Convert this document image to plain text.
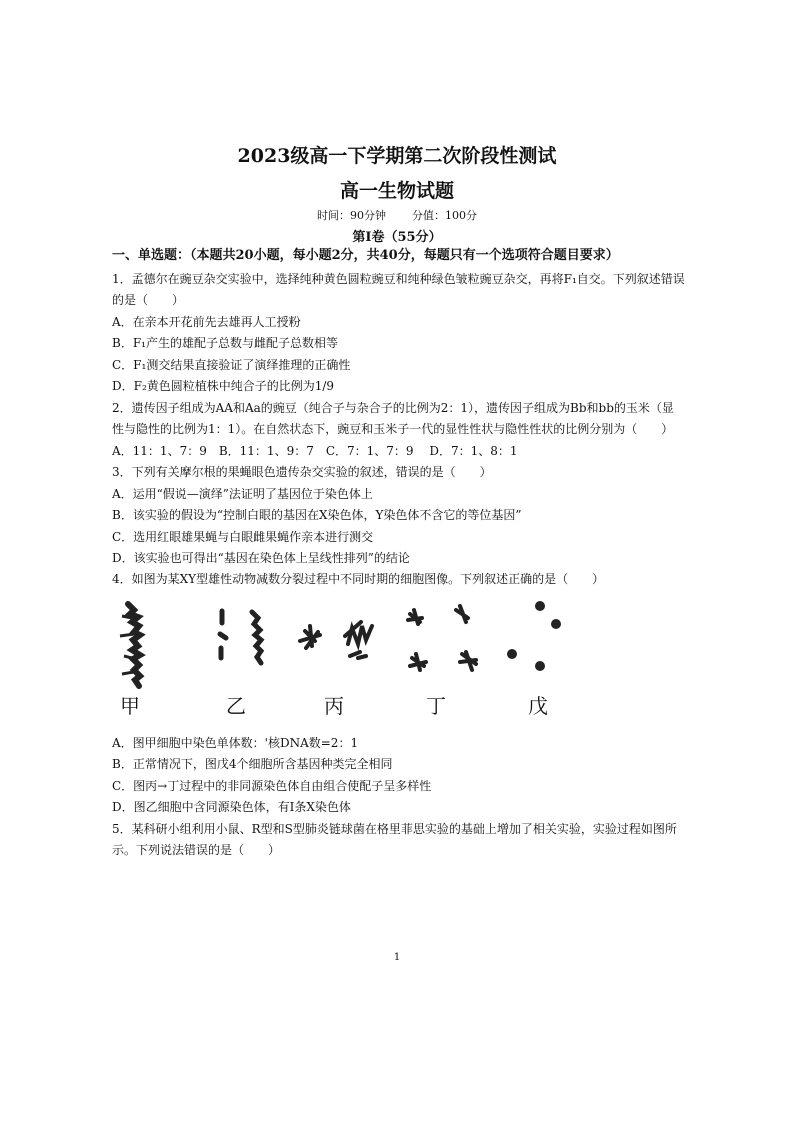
2023级高一下学期第二次阶段性测试
高一生物试题
时间：90分钟 分值：100分
第Ⅰ卷（55分）
一、单选题：（本题共20小题，每小题2分，共40分，每题只有一个选项符合题目要求）
1．孟德尔在豌豆杂交实验中，选择纯种黄色圆粒豌豆和纯种绿色皱粒豌豆杂交，再将F₁自交。下列叙述错误
的是（　　）
A．在亲本开花前先去雄再人工授粉
B．F₁产生的雄配子总数与雌配子总数相等
C．F₁测交结果直接验证了演绎推理的正确性
D．F₂黄色圆粒植株中纯合子的比例为1/9
2．遗传因子组成为AA和Aa的豌豆（纯合子与杂合子的比例为2：1），遗传因子组成为Bb和bb的玉米（显
性与隐性的比例为1：1）。在自然状态下，豌豆和玉米子一代的显性性状与隐性性状的比例分别为（　　）
A．11：1、7：9　B．11：1、9：7　C．7：1、7：9　 D．7：1、8：1
3．下列有关摩尔根的果蝇眼色遗传杂交实验的叙述，错误的是（　　）
A．运用“假说—演绎”法证明了基因位于染色体上
B．该实验的假设为“控制白眼的基因在X染色体，Y染色体不含它的等位基因”
C．选用红眼雄果蝇与白眼雌果蝇作亲本进行测交
D．该实验也可得出“基因在染色体上呈线性排列”的结论
4．如图为某XY型雄性动物减数分裂过程中不同时期的细胞图像。下列叙述正确的是（　　）
甲	乙	丙	丁	戊
A．图甲细胞中染色单体数：'核DNA数=2：1
B．正常情况下，图戊4个细胞所含基因种类完全相同
C．图丙→丁过程中的非同源染色体自由组合使配子呈多样性
D．图乙细胞中含同源染色体，有Ⅰ条X染色体
5．某科研小组利用小鼠、R型和S型肺炎链球菌在格里菲思实验的基础上增加了相关实验，实验过程如图所
示。下列说法错误的是（　　）
1
